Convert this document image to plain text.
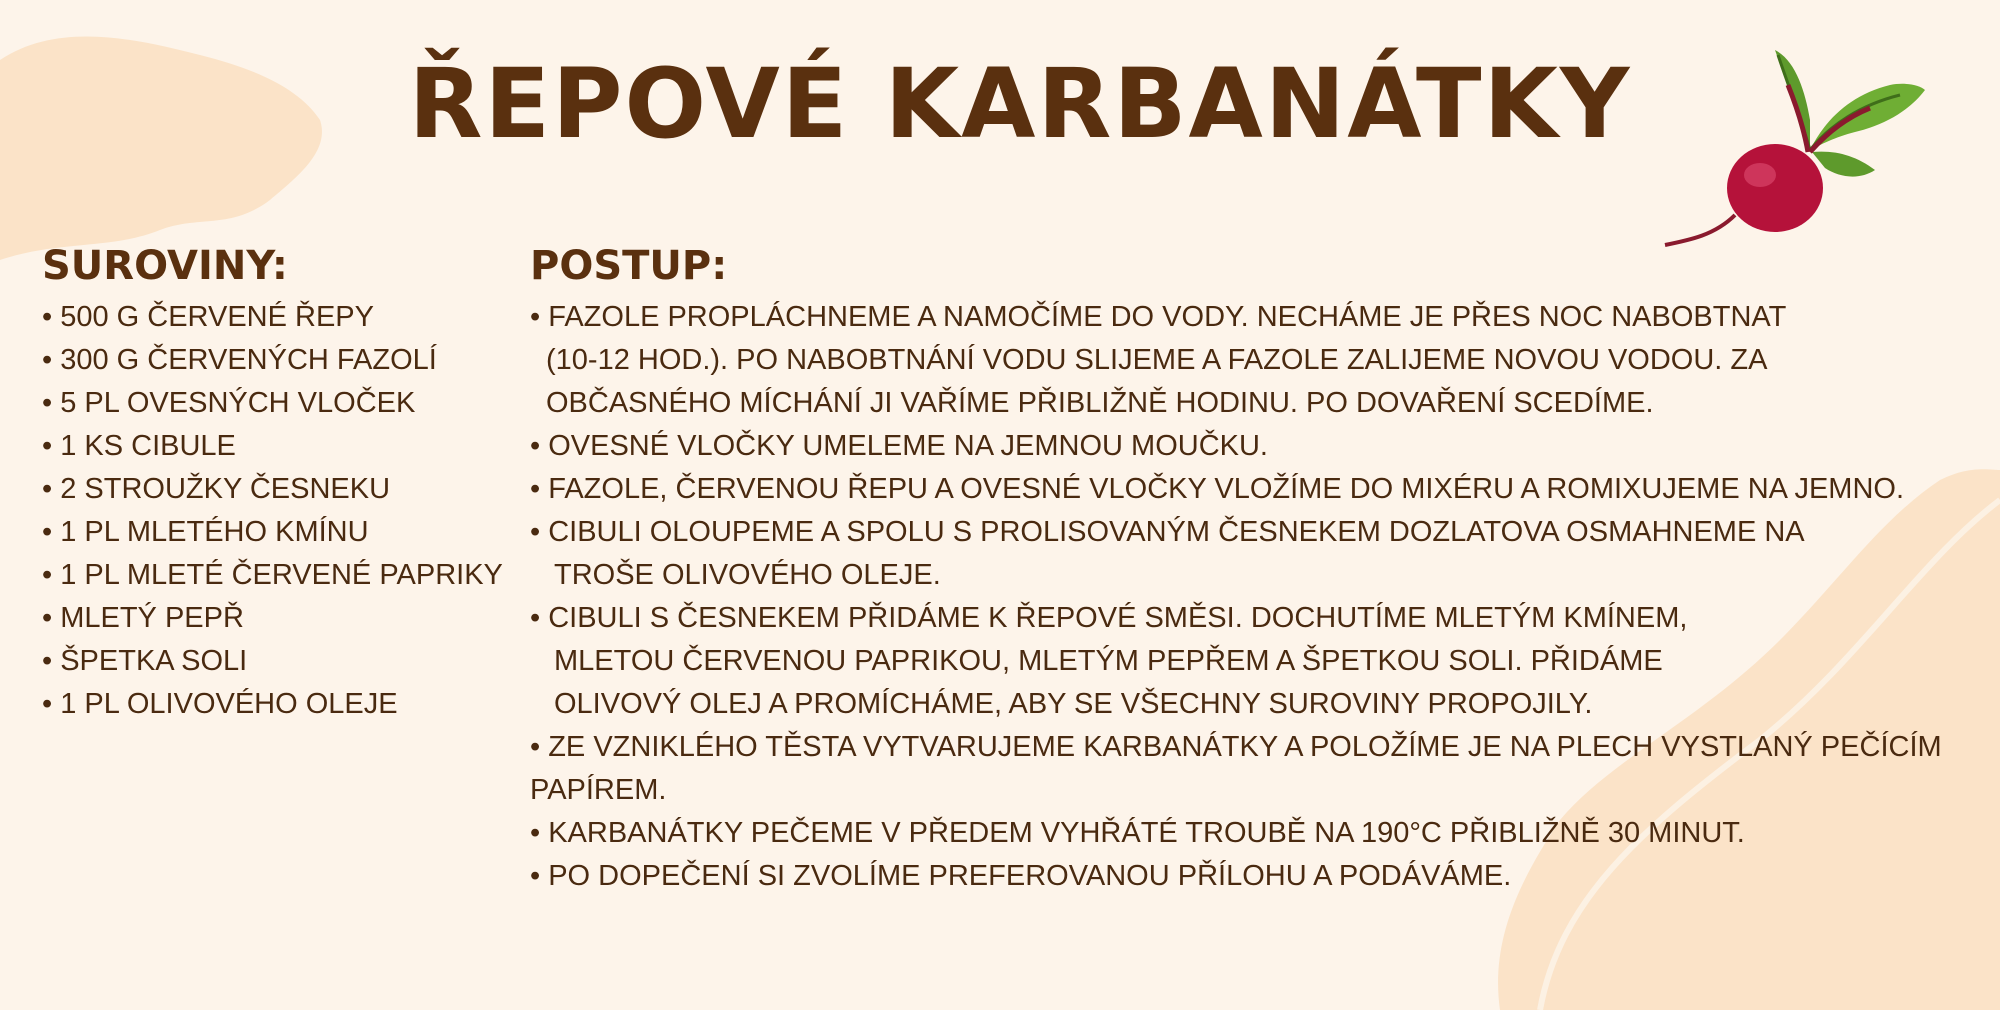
ŘEPOVÉ KARBANÁTKY
SUROVINY:
• 500 G ČERVENÉ ŘEPY
• 300 G ČERVENÝCH FAZOLÍ
• 5 PL OVESNÝCH VLOČEK
• 1 KS CIBULE
• 2 STROUŽKY ČESNEKU
• 1 PL MLETÉHO KMÍNU
• 1 PL MLETÉ ČERVENÉ PAPRIKY
• MLETÝ PEPŘ
• ŠPETKA SOLI
• 1 PL OLIVOVÉHO OLEJE
POSTUP:
• FAZOLE PROPLÁCHNEME A NAMOČÍME DO VODY. NECHÁME JE PŘES NOC NABOBTNAT
(10-12 HOD.). PO NABOBTNÁNÍ VODU SLIJEME A FAZOLE ZALIJEME NOVOU VODOU. ZA
OBČASNÉHO MÍCHÁNÍ JI VAŘÍME PŘIBLIŽNĚ HODINU. PO DOVAŘENÍ SCEDÍME.
• OVESNÉ VLOČKY UMELEME NA JEMNOU MOUČKU.
• FAZOLE, ČERVENOU ŘEPU A OVESNÉ VLOČKY VLOŽÍME DO MIXÉRU A ROMIXUJEME NA JEMNO.
• CIBULI OLOUPEME A SPOLU S PROLISOVANÝM ČESNEKEM DOZLATOVA OSMAHNEME NA
TROŠE OLIVOVÉHO OLEJE.
• CIBULI S ČESNEKEM PŘIDÁME K ŘEPOVÉ SMĚSI. DOCHUTÍME MLETÝM KMÍNEM,
MLETOU ČERVENOU PAPRIKOU, MLETÝM PEPŘEM A ŠPETKOU SOLI. PŘIDÁME
OLIVOVÝ OLEJ A PROMÍCHÁME, ABY SE VŠECHNY SUROVINY PROPOJILY.
• ZE VZNIKLÉHO TĚSTA VYTVARUJEME KARBANÁTKY A POLOŽÍME JE NA PLECH VYSTLANÝ PEČÍCÍM
PAPÍREM.
• KARBANÁTKY PEČEME V PŘEDEM VYHŘÁTÉ TROUBĚ NA 190°C PŘIBLIŽNĚ 30 MINUT.
• PO DOPEČENÍ SI ZVOLÍME PREFEROVANOU PŘÍLOHU A PODÁVÁME.
